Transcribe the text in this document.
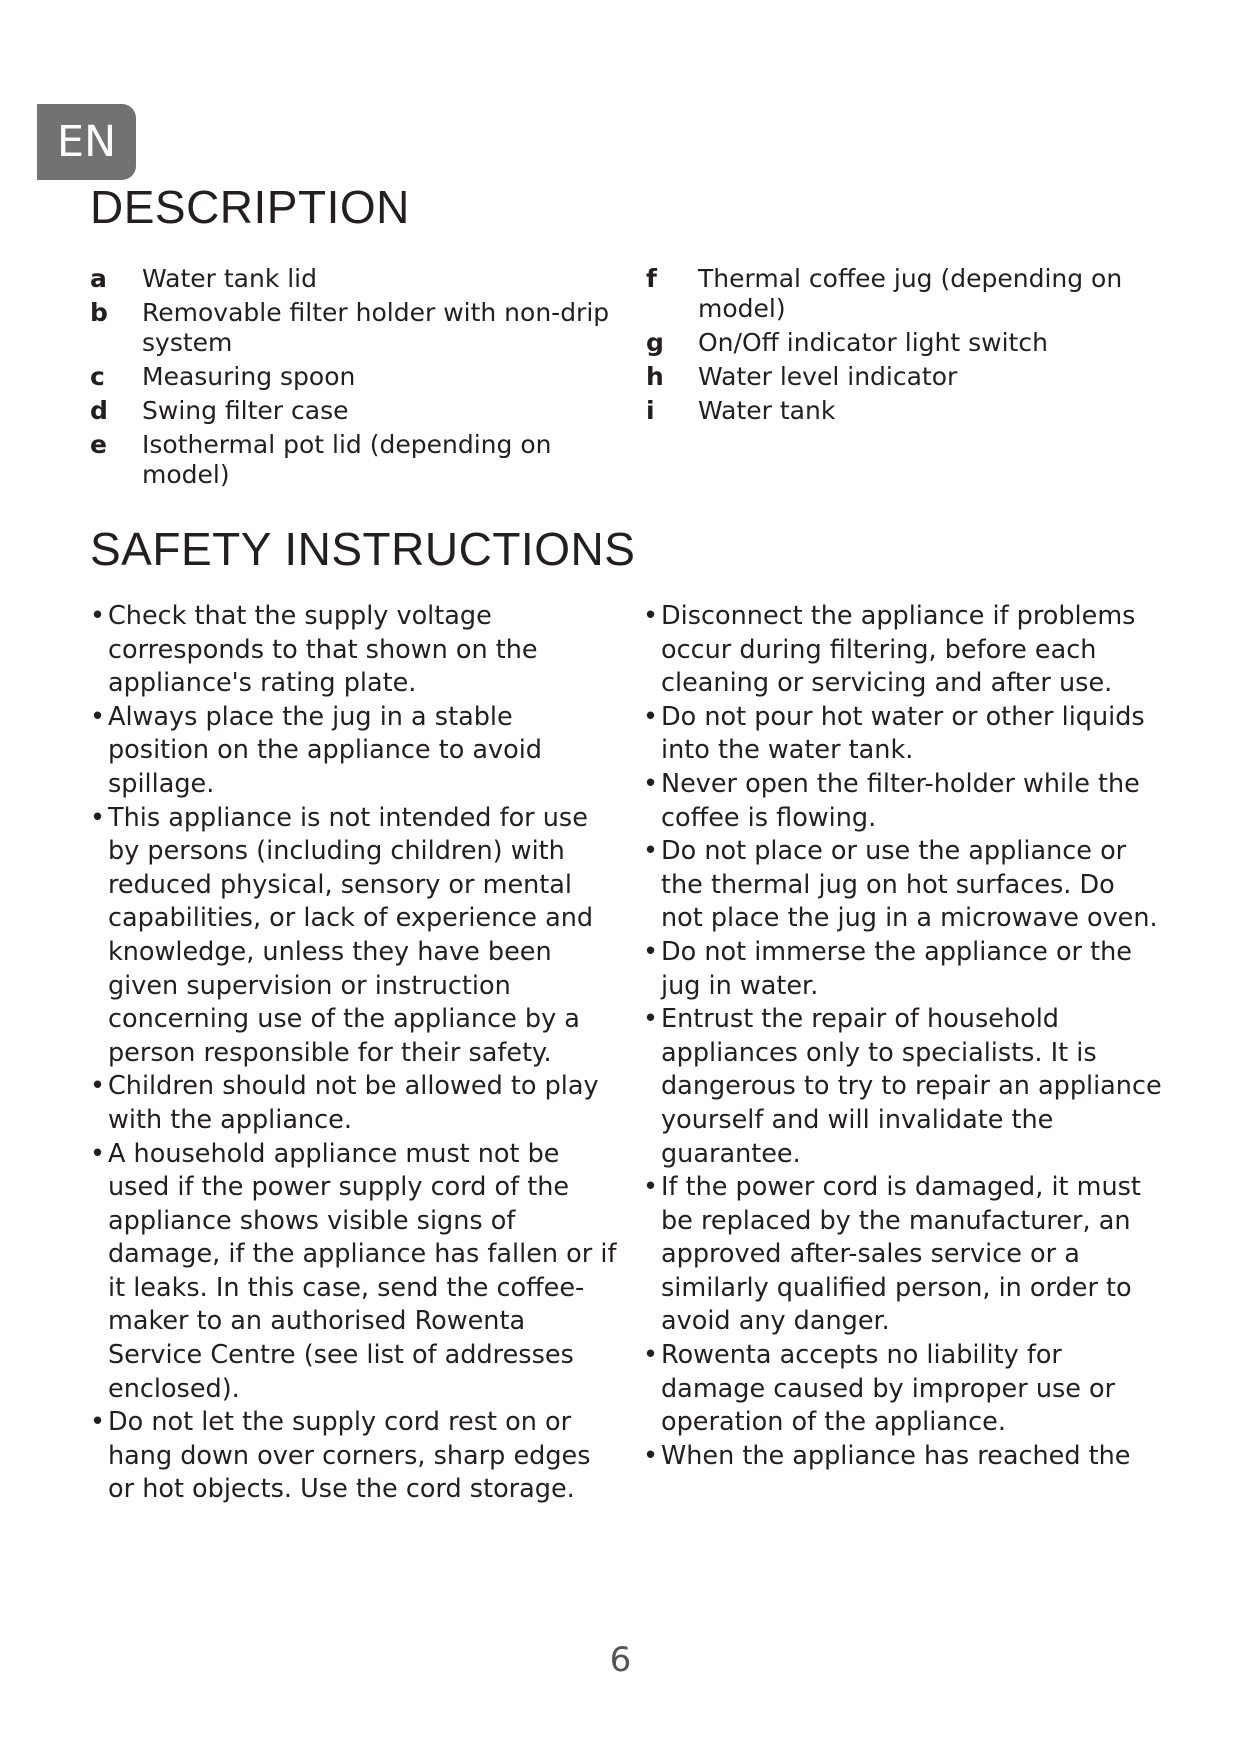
EN
DESCRIPTION
a Water tank lid
b Removable filter holder with non-drip system
c Measuring spoon
d Swing filter case
e Isothermal pot lid (depending on model)
f Thermal coffee jug (depending on model)
g On/Off indicator light switch
h Water level indicator
i Water tank
SAFETY INSTRUCTIONS
• Check that the supply voltage corresponds to that shown on the appliance's rating plate.
• Always place the jug in a stable position on the appliance to avoid spillage.
• This appliance is not intended for use by persons (including children) with reduced physical, sensory or mental capabilities, or lack of experience and knowledge, unless they have been given supervision or instruction concerning use of the appliance by a person responsible for their safety.
• Children should not be allowed to play with the appliance.
• A household appliance must not be used if the power supply cord of the appliance shows visible signs of damage, if the appliance has fallen or if it leaks. In this case, send the coffee-maker to an authorised Rowenta Service Centre (see list of addresses enclosed).
• Do not let the supply cord rest on or hang down over corners, sharp edges or hot objects. Use the cord storage.
• Disconnect the appliance if problems occur during filtering, before each cleaning or servicing and after use.
• Do not pour hot water or other liquids into the water tank.
• Never open the filter-holder while the coffee is flowing.
• Do not place or use the appliance or the thermal jug on hot surfaces. Do not place the jug in a microwave oven.
• Do not immerse the appliance or the jug in water.
• Entrust the repair of household appliances only to specialists. It is dangerous to try to repair an appliance yourself and will invalidate the guarantee.
• If the power cord is damaged, it must be replaced by the manufacturer, an approved after-sales service or a similarly qualified person, in order to avoid any danger.
• Rowenta accepts no liability for damage caused by improper use or operation of the appliance.
• When the appliance has reached the
6
